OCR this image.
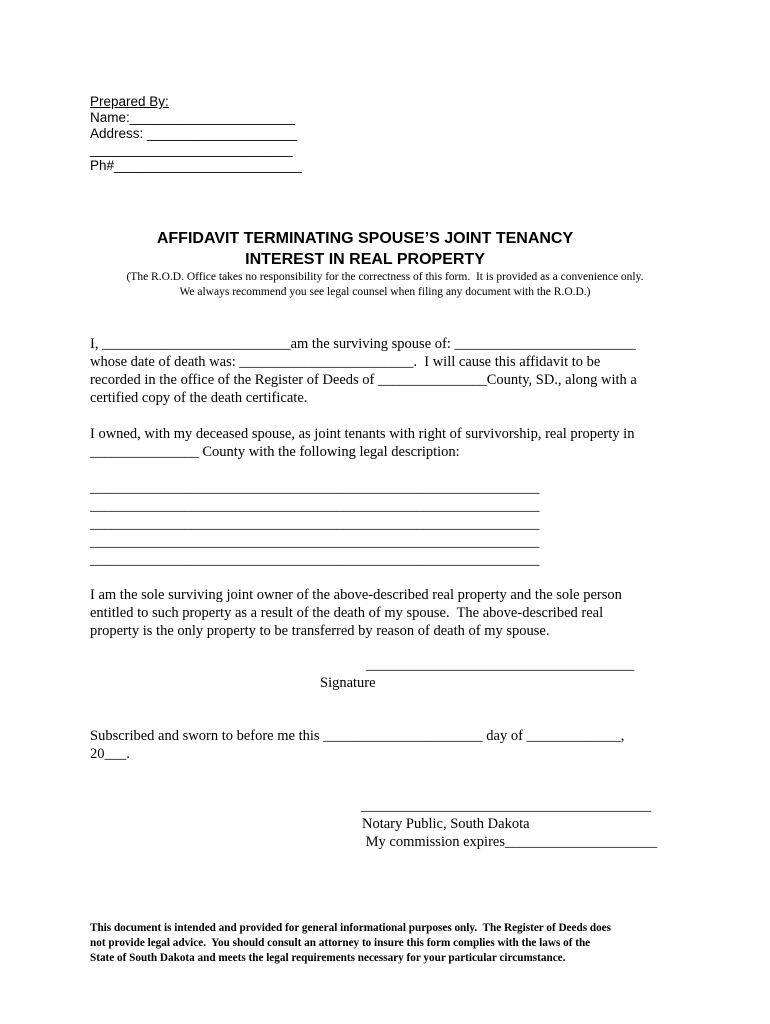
Prepared By:
Name:______________________
Address: ____________________
___________________________
Ph#_________________________
AFFIDAVIT TERMINATING SPOUSE’S JOINT TENANCY
INTEREST IN REAL PROPERTY
(The R.O.D. Office takes no responsibility for the correctness of this form.  It is provided as a convenience only.
We always recommend you see legal counsel when filing any document with the R.O.D.)
I, __________________________am the surviving spouse of: _________________________
whose date of death was: ________________________.  I will cause this affidavit to be
recorded in the office of the Register of Deeds of _______________County, SD., along with a
certified copy of the death certificate.
I owned, with my deceased spouse, as joint tenants with right of survivorship, real property in
_______________ County with the following legal description:
______________________________________________________________
______________________________________________________________
______________________________________________________________
______________________________________________________________
______________________________________________________________
I am the sole surviving joint owner of the above-described real property and the sole person
entitled to such property as a result of the death of my spouse.  The above-described real
property is the only property to be transferred by reason of death of my spouse.
_____________________________________
Signature
Subscribed and sworn to before me this ______________________ day of _____________,
20___.
________________________________________
Notary Public, South Dakota
My commission expires_____________________
This document is intended and provided for general informational purposes only.  The Register of Deeds does
not provide legal advice.  You should consult an attorney to insure this form complies with the laws of the
State of South Dakota and meets the legal requirements necessary for your particular circumstance.
